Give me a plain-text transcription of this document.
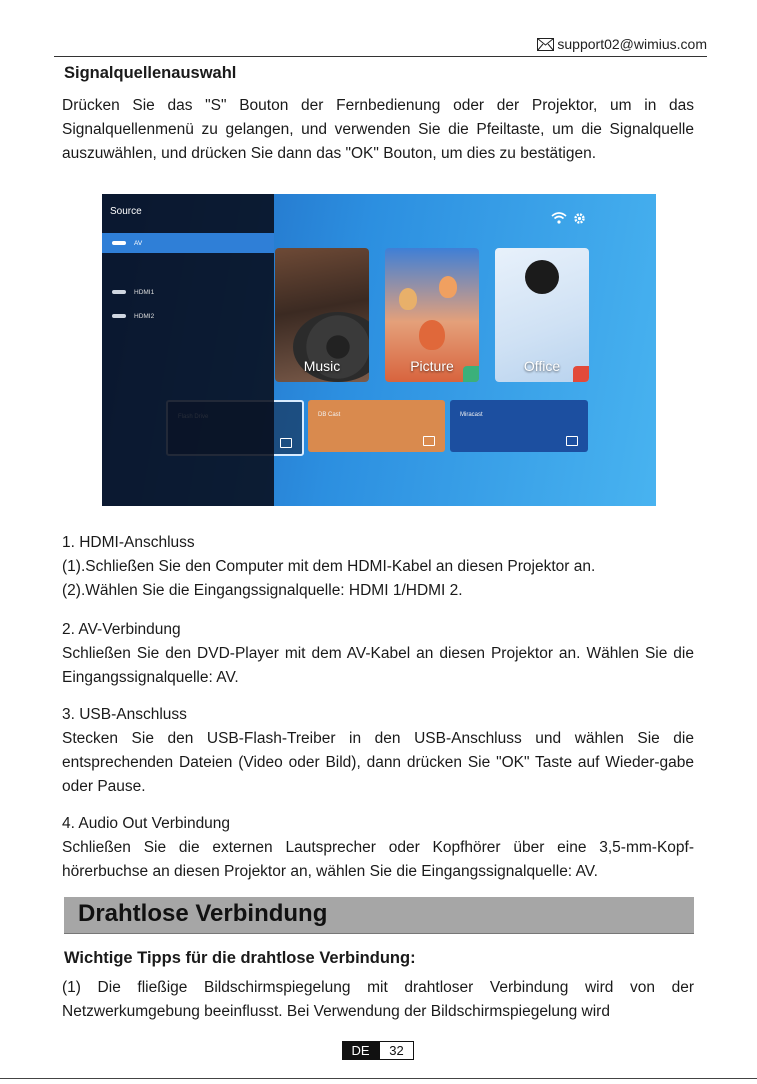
support02@wimius.com
Signalquellenauswahl
Drücken Sie das "S" Bouton der Fernbedienung oder der Projektor, um in das Signalquellenmenü zu gelangen, und verwenden Sie die Pfeiltaste, um die Signalquelle auszuwählen, und drücken Sie dann das "OK" Bouton, um dies zu bestätigen.
Music	Picture	Office
DB Cast	Miracast
Source
AV
HDMI1
HDMI2
1. HDMI-Anschluss
(1).Schließen Sie den Computer mit dem HDMI-Kabel an diesen Projektor an.
(2).Wählen Sie die Eingangssignalquelle: HDMI 1/HDMI 2.
2. AV-Verbindung
Schließen Sie den DVD-Player mit dem AV-Kabel an diesen Projektor an. Wählen Sie die Eingangssignalquelle: AV.
3. USB-Anschluss
Stecken Sie den USB-Flash-Treiber in den USB-Anschluss und wählen Sie die entsprechenden Dateien (Video oder Bild), dann drücken Sie "OK" Taste auf Wieder-gabe oder Pause.
4. Audio Out Verbindung
Schließen Sie die externen Lautsprecher oder Kopfhörer über eine 3,5-mm-Kopf-hörerbuchse an diesen Projektor an, wählen Sie die Eingangssignalquelle: AV.
Drahtlose Verbindung
Wichtige Tipps für die drahtlose Verbindung:
(1) Die fließige Bildschirmspiegelung mit drahtloser Verbindung wird von der Netzwerkumgebung beeinflusst. Bei Verwendung der Bildschirmspiegelung wird
DE	32
